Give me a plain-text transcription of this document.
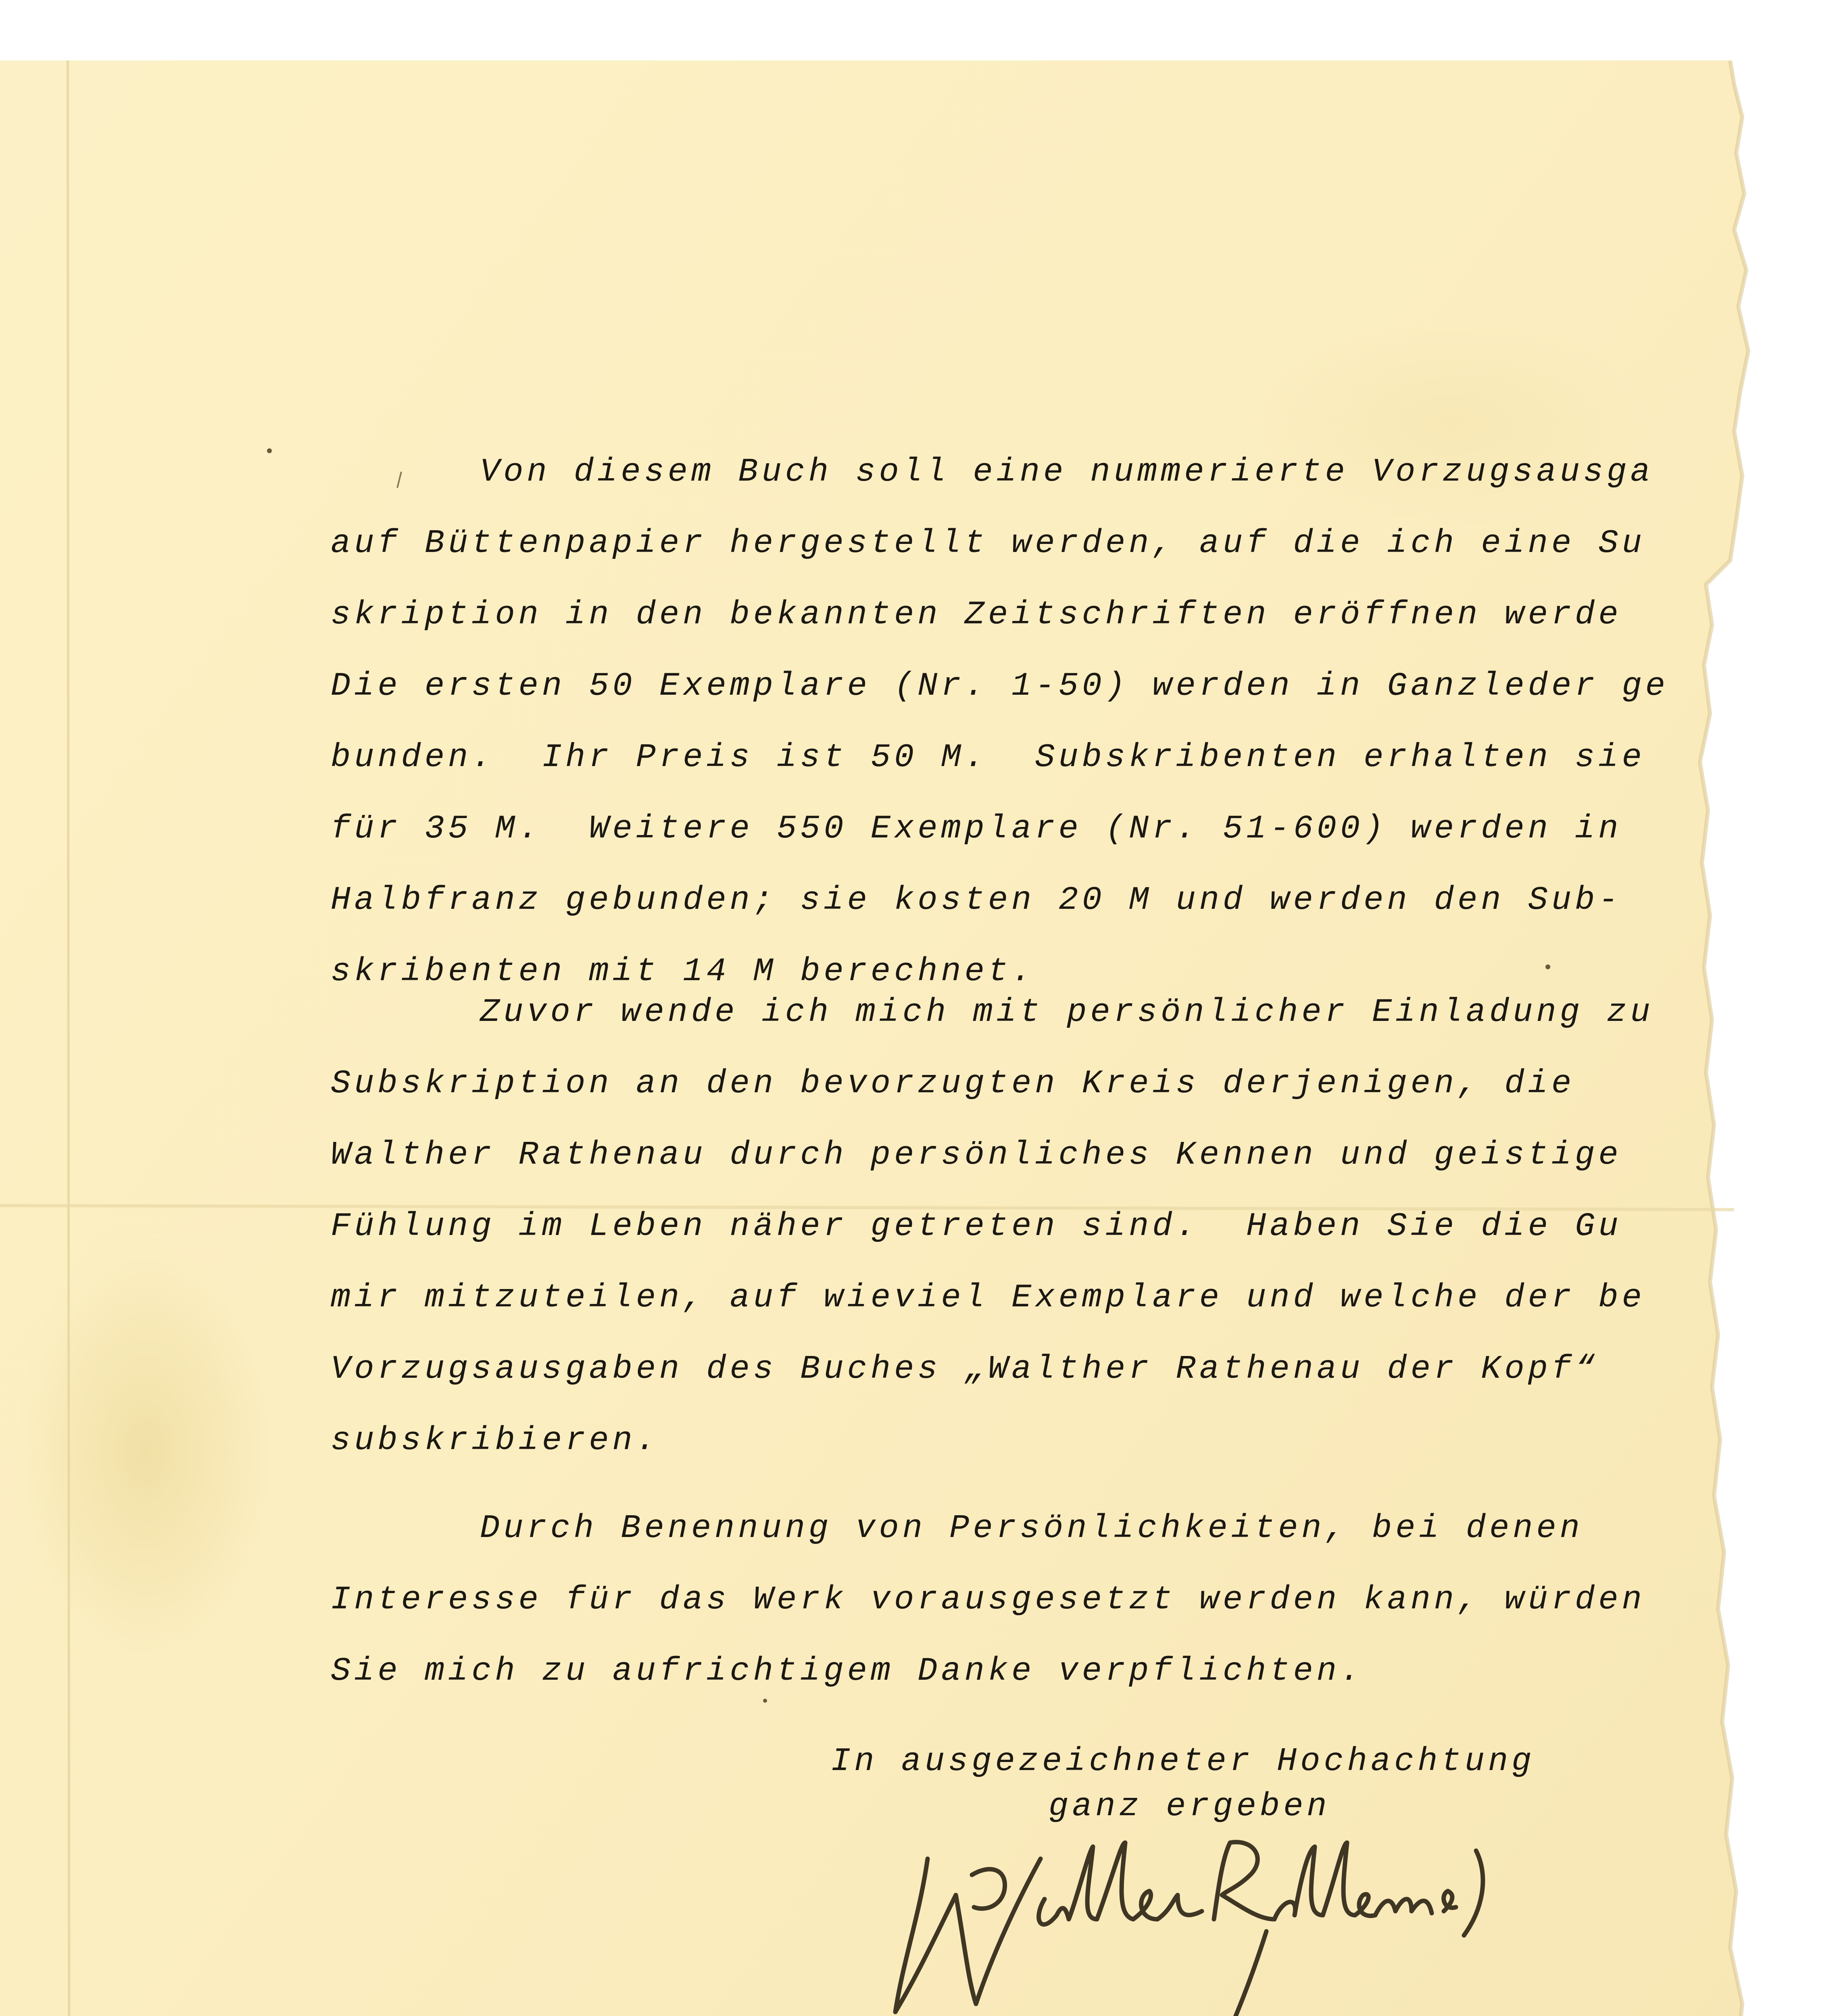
Von diesem Buch soll eine nummerierte Vorzugsausga
auf Büttenpapier hergestellt werden, auf die ich eine Su
skription in den bekannten Zeitschriften eröffnen werde
Die ersten 50 Exemplare (Nr. 1-50) werden in Ganzleder ge
bunden.  Ihr Preis ist 50 M.  Subskribenten erhalten sie
für 35 M.  Weitere 550 Exemplare (Nr. 51-600) werden in
Halbfranz gebunden; sie kosten 20 M und werden den Sub-
skribenten mit 14 M berechnet.
Zuvor wende ich mich mit persönlicher Einladung zu
Subskription an den bevorzugten Kreis derjenigen, die
Walther Rathenau durch persönliches Kennen und geistige
Fühlung im Leben näher getreten sind.  Haben Sie die Gu
mir mitzuteilen, auf wieviel Exemplare und welche der be
Vorzugsausgaben des Buches „Walther Rathenau der Kopf“
subskribieren.
Durch Benennung von Persönlichkeiten, bei denen
Interesse für das Werk vorausgesetzt werden kann, würden
Sie mich zu aufrichtigem Danke verpflichten.
In ausgezeichneter Hochachtung
ganz ergeben
